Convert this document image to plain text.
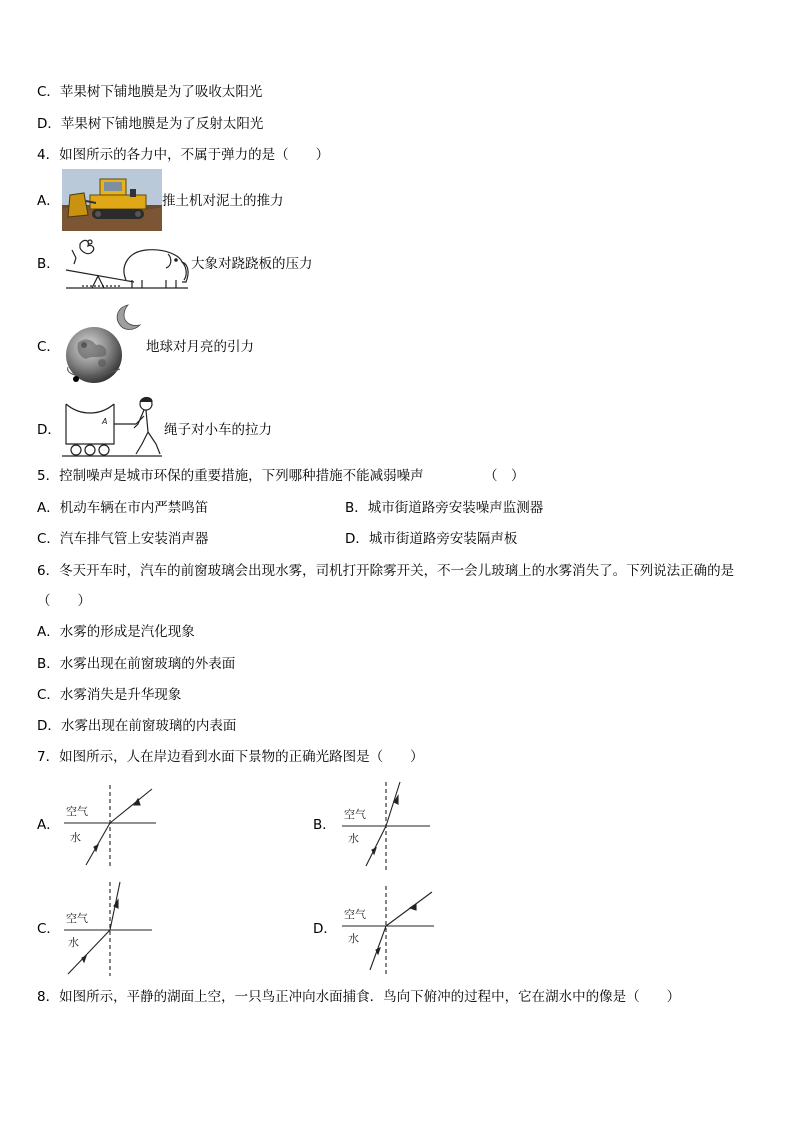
C．苹果树下铺地膜是为了吸收太阳光
D．苹果树下铺地膜是为了反射太阳光
4．如图所示的各力中，不属于弹力的是（　　）
A．	推土机对泥土的推力
B．	大象对跷跷板的压力
C．	地球对月亮的引力
D．
A
绳子对小车的拉力
5．控制噪声是城市环保的重要措施，下列哪种措施不能减弱噪声	（　）
A．机动车辆在市内严禁鸣笛	B．城市街道路旁安装噪声监测器
C．汽车排气管上安装消声器	D．城市街道路旁安装隔声板
6．冬天开车时，汽车的前窗玻璃会出现水雾，司机打开除雾开关，不一会儿玻璃上的水雾消失了。下列说法正确的是
（　　）
A．水雾的形成是汽化现象
B．水雾出现在前窗玻璃的外表面
C．水雾消失是升华现象
D．水雾出现在前窗玻璃的内表面
7．如图所示，人在岸边看到水面下景物的正确光路图是（　　）
A．
空气
水
B．
空气
水
C．
空气
水
D．
空气
水
8．如图所示，平静的湖面上空，一只鸟正冲向水面捕食．鸟向下俯冲的过程中，它在湖水中的像是（　　）
